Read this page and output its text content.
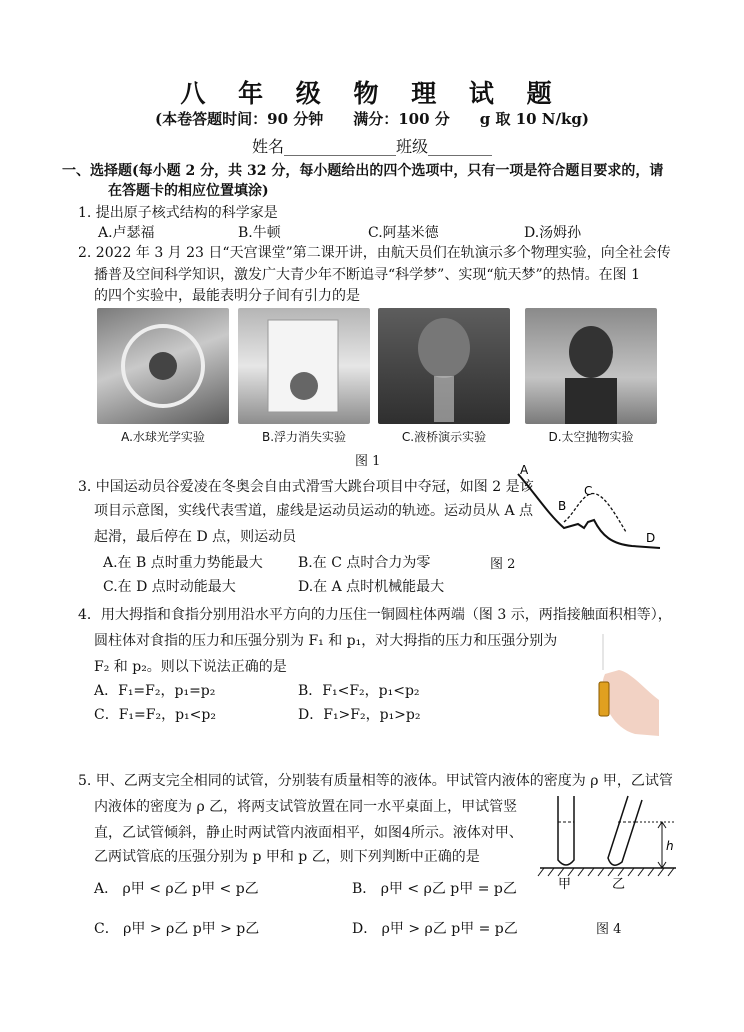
八 年 级 物 理 试 题
(本卷答题时间：90 分钟　　满分：100 分　　g 取 10 N/kg)
姓名______________班级________
一、选择题(每小题 2 分，共 32 分，每小题给出的四个选项中，只有一项是符合题目要求的，请
在答题卡的相应位置填涂)
1. 提出原子核式结构的科学家是
A.卢瑟福	B.牛顿	C.阿基米德	D.汤姆孙
2. 2022 年 3 月 23 日“天宫课堂”第二课开讲，由航天员们在轨演示多个物理实验，向全社会传
播普及空间科学知识，激发广大青少年不断追寻“科学梦”、实现“航天梦”的热情。在图 1
的四个实验中，最能表明分子间有引力的是
A.水球光学实验	B.浮力消失实验	C.液桥演示实验	D.太空抛物实验
图 1
3. 中国运动员谷爱凌在冬奥会自由式滑雪大跳台项目中夺冠，如图 2 是该
项目示意图，实线代表雪道，虚线是运动员运动的轨迹。运动员从 A 点
起滑，最后停在 D 点，则运动员
A.在 B 点时重力势能最大	B.在 C 点时合力为零
C.在 D 点时动能最大	D.在 A 点时机械能最大
图 2
A
B
C
D
4．用大拇指和食指分别用沿水平方向的力压住一铜圆柱体两端（图 3 示，两指接触面积相等），
圆柱体对食指的压力和压强分别为 F₁ 和 p₁，对大拇指的压力和压强分别为
F₂ 和 p₂。则以下说法正确的是
A．F₁=F₂，p₁=p₂	B．F₁<F₂，p₁<p₂
C．F₁=F₂，p₁<p₂	D．F₁>F₂，p₁>p₂
5. 甲、乙两支完全相同的试管，分别装有质量相等的液体。甲试管内液体的密度为 ρ 甲，乙试管
内液体的密度为 ρ 乙，将两支试管放置在同一水平桌面上，甲试管竖
直，乙试管倾斜，静止时两试管内液面相平，如图4所示。液体对甲、
乙两试管底的压强分别为 p 甲和 p 乙，则下列判断中正确的是
A． ρ甲 < ρ乙 p甲 < p乙	B． ρ甲 < ρ乙 p甲 = p乙
C． ρ甲 > ρ乙 p甲 > p乙	D． ρ甲 > ρ乙 p甲 = p乙	图 4
h
甲	乙
